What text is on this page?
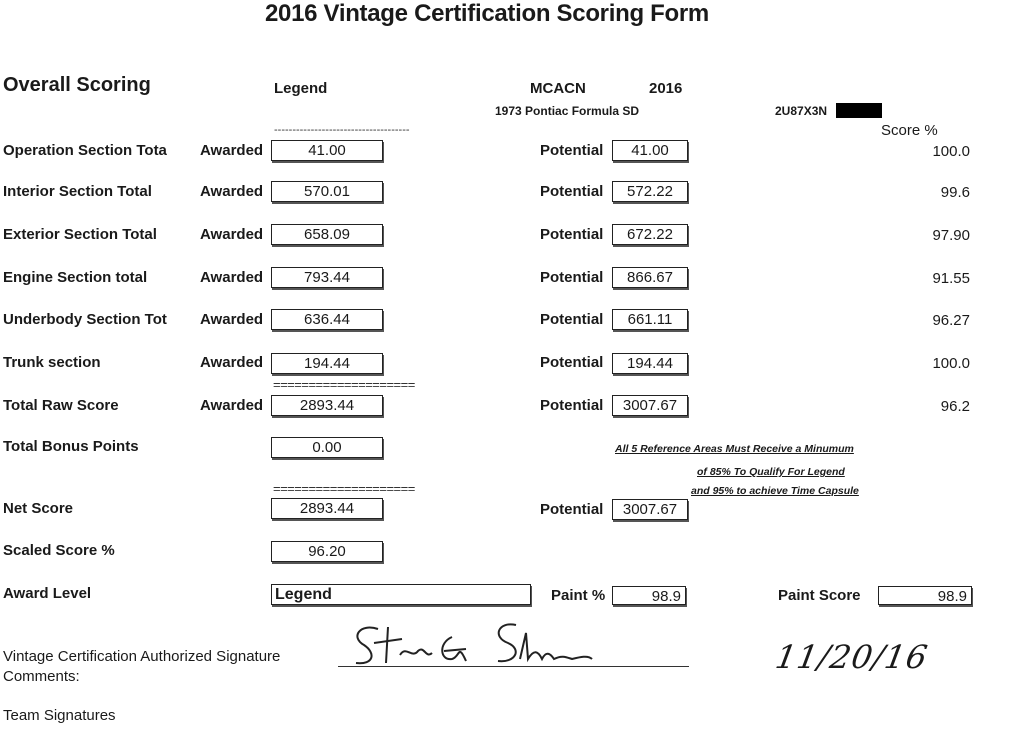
2016 Vintage Certification Scoring Form
Overall Scoring	Legend	MCACN	2016
1973 Pontiac Formula SD	2U87X3N
Score %
-------------------------------------
Operation Section Tota Awarded	41.00	Potential	41.00	100.0
Interior Section Total	Awarded	570.01	Potential	572.22	99.6
Exterior Section Total	Awarded	658.09	Potential	672.22	97.90
Engine Section total	Awarded	793.44	Potential	866.67	91.55
Underbody Section Tot Awarded	636.44	Potential	661.11	96.27
Trunk section	Awarded	194.44	Potential	194.44	100.0
====================
Total Raw Score	Awarded	2893.44	Potential	3007.67	96.2
Total Bonus Points	0.00	All 5 Reference Areas Must Receive a Minumum
of 85% To Qualify For Legend
and 95% to achieve Time Capsule
====================
Net Score	2893.44	Potential	3007.67
Scaled Score %	96.20
Award Level	Legend	Paint %	98.9	Paint Score	98.9
Vintage Certification Authorized Signature	11/20/16
Comments:
Team Signatures
